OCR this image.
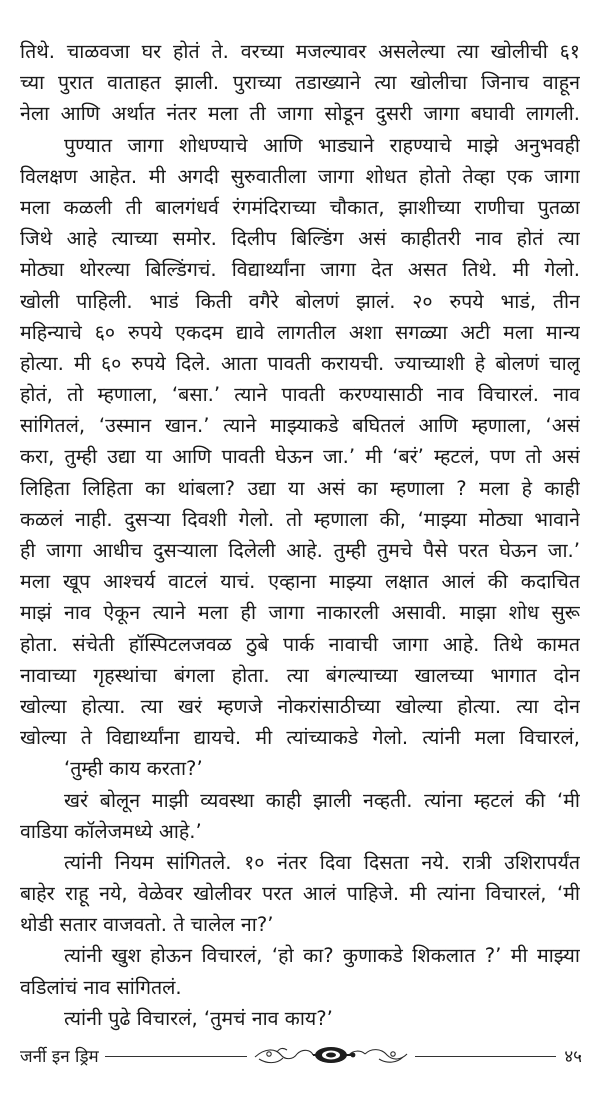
तिथे. चाळवजा घर होतं ते. वरच्या मजल्यावर असलेल्या त्या खोलीची ६१
च्या पुरात वाताहत झाली. पुराच्या तडाख्याने त्या खोलीचा जिनाच वाहून
नेला आणि अर्थात नंतर मला ती जागा सोडून दुसरी जागा बघावी लागली.
पुण्यात जागा शोधण्याचे आणि भाड्याने राहण्याचे माझे अनुभवही
विलक्षण आहेत. मी अगदी सुरुवातीला जागा शोधत होतो तेव्हा एक जागा
मला कळली ती बालगंधर्व रंगमंदिराच्या चौकात, झाशीच्या राणीचा पुतळा
जिथे आहे त्याच्या समोर. दिलीप बिल्डिंग असं काहीतरी नाव होतं त्या
मोठ्या थोरल्या बिल्डिंगचं. विद्यार्थ्यांना जागा देत असत तिथे. मी गेलो.
खोली पाहिली. भाडं किती वगैरे बोलणं झालं. २० रुपये भाडं, तीन
महिन्याचे ६० रुपये एकदम द्यावे लागतील अशा सगळ्या अटी मला मान्य
होत्या. मी ६० रुपये दिले. आता पावती करायची. ज्याच्याशी हे बोलणं चालू
होतं, तो म्हणाला, ‘बसा.’ त्याने पावती करण्यासाठी नाव विचारलं. नाव
सांगितलं, ‘उस्मान खान.’ त्याने माझ्याकडे बघितलं आणि म्हणाला, ‘असं
करा, तुम्ही उद्या या आणि पावती घेऊन जा.’ मी ‘बरं’ म्हटलं, पण तो असं
लिहिता लिहिता का थांबला? उद्या या असं का म्हणाला ? मला हे काही
कळलं नाही. दुसऱ्या दिवशी गेलो. तो म्हणाला की, ‘माझ्या मोठ्या भावाने
ही जागा आधीच दुसऱ्याला दिलेली आहे. तुम्ही तुमचे पैसे परत घेऊन जा.’
मला खूप आश्चर्य वाटलं याचं. एव्हाना माझ्या लक्षात आलं की कदाचित
माझं नाव ऐकून त्याने मला ही जागा नाकारली असावी. माझा शोध सुरू
होता. संचेती हॉस्पिटलजवळ ठुबे पार्क नावाची जागा आहे. तिथे कामत
नावाच्या गृहस्थांचा बंगला होता. त्या बंगल्याच्या खालच्या भागात दोन
खोल्या होत्या. त्या खरं म्हणजे नोकरांसाठीच्या खोल्या होत्या. त्या दोन
खोल्या ते विद्यार्थ्यांना द्यायचे. मी त्यांच्याकडे गेलो. त्यांनी मला विचारलं,
‘तुम्ही काय करता?’
खरं बोलून माझी व्यवस्था काही झाली नव्हती. त्यांना म्हटलं की ‘मी
वाडिया कॉलेजमध्ये आहे.’
त्यांनी नियम सांगितले. १० नंतर दिवा दिसता नये. रात्री उशिरापर्यंत
बाहेर राहू नये, वेळेवर खोलीवर परत आलं पाहिजे. मी त्यांना विचारलं, ‘मी
थोडी सतार वाजवतो. ते चालेल ना?’
त्यांनी खुश होऊन विचारलं, ‘हो का? कुणाकडे शिकलात ?’ मी माझ्या
वडिलांचं नाव सांगितलं.
त्यांनी पुढे विचारलं, ‘तुमचं नाव काय?’
जर्नी इन ड्रिम	४५
